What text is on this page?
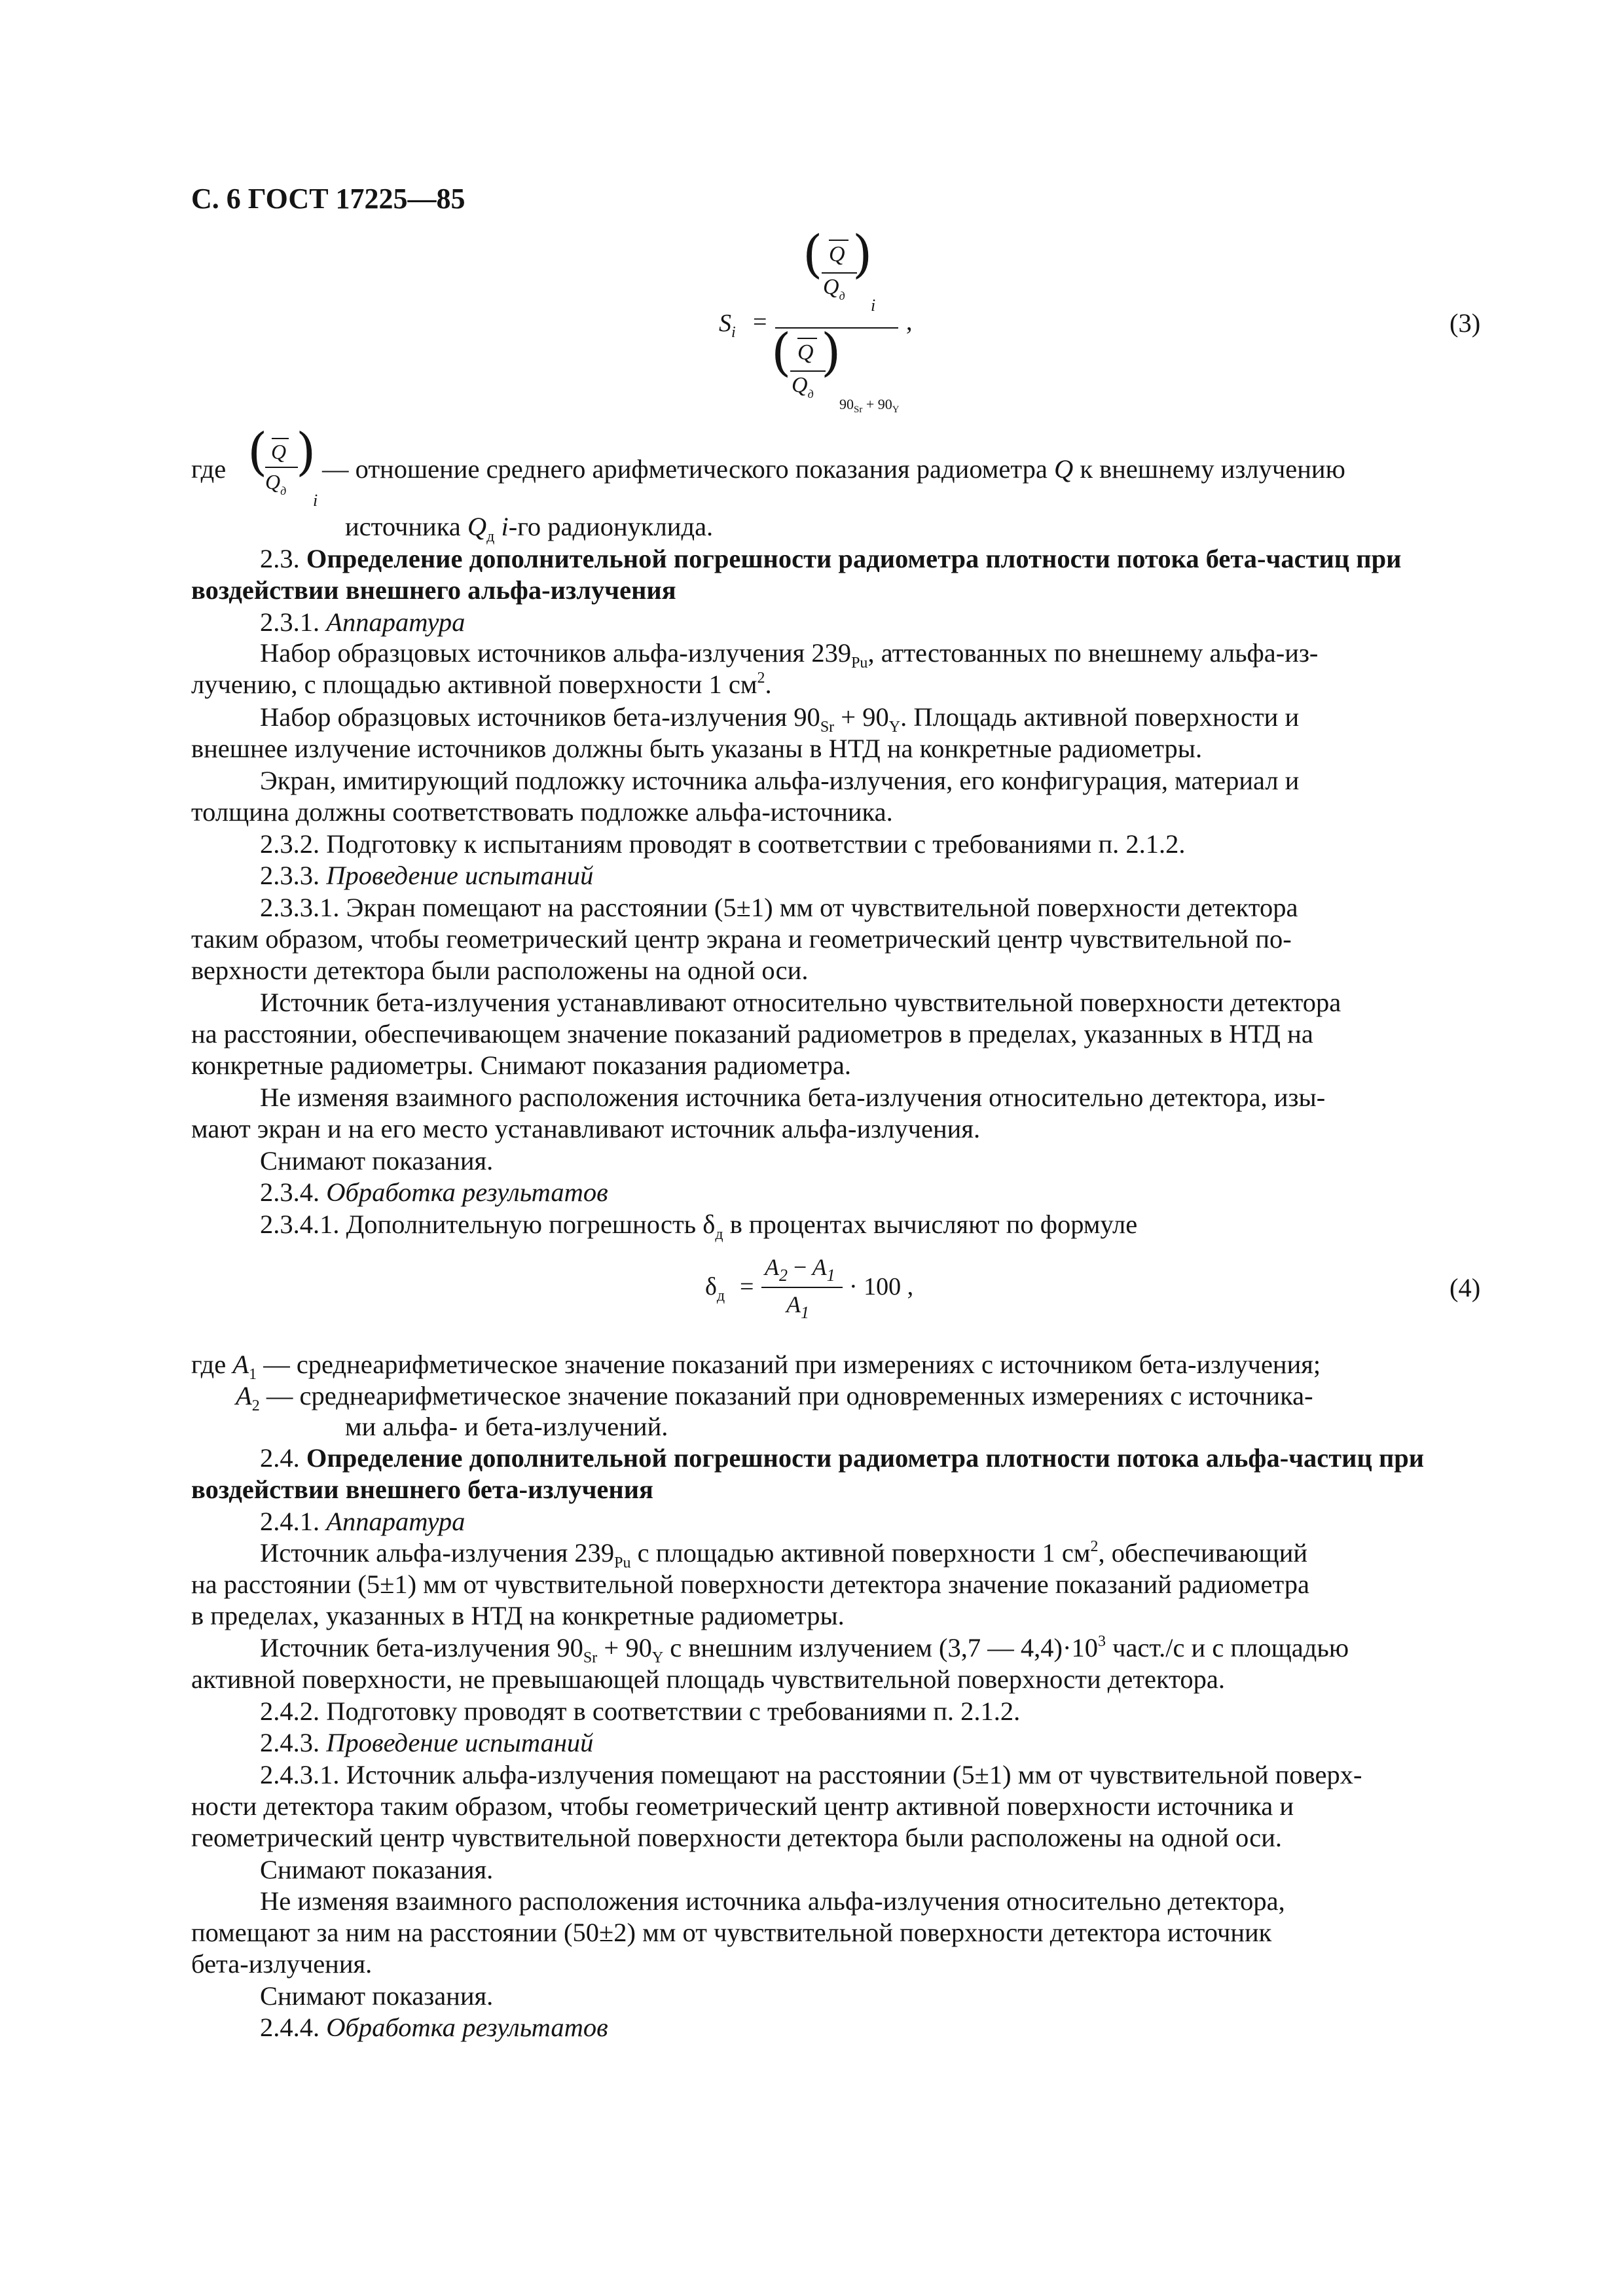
С. 6 ГОСТ 17225—85
$S_i$ =
( Q
$Q_д$
)
i
( Q
$Q_д$
)
$90_{Sr} + 90_Y$
,	(3)
где ( Q
$Q_д$
)
i
— отношение среднего арифметического показания радиометра Q к внешнему излучению
источника $Q_д$ i-го радионуклида.
2.3. Определение дополнительной погрешности радиометра плотности потока бета-частиц при
воздействии внешнего альфа-излучения
2.3.1. Аппаратура
Набор образцовых источников альфа-излучения $239_{Pu}$, аттестованных по внешнему альфа-из-
лучению, с площадью активной поверхности 1 $см^2$.
Набор образцовых источников бета-излучения $90_{Sr} + 90_Y$. Площадь активной поверхности и
внешнее излучение источников должны быть указаны в НТД на конкретные радиометры.
Экран, имитирующий подложку источника альфа-излучения, его конфигурация, материал и
толщина должны соответствовать подложке альфа-источника.
2.3.2. Подготовку к испытаниям проводят в соответствии с требованиями п. 2.1.2.
2.3.3. Проведение испытаний
2.3.3.1. Экран помещают на расстоянии (5±1) мм от чувствительной поверхности детектора
таким образом, чтобы геометрический центр экрана и геометрический центр чувствительной по-
верхности детектора были расположены на одной оси.
Источник бета-излучения устанавливают относительно чувствительной поверхности детектора
на расстоянии, обеспечивающем значение показаний радиометров в пределах, указанных в НТД на
конкретные радиометры. Снимают показания радиометра.
Не изменяя взаимного расположения источника бета-излучения относительно детектора, изы-
мают экран и на его место устанавливают источник альфа-излучения.
Снимают показания.
2.3.4. Обработка результатов
2.3.4.1. Дополнительную погрешность $\delta_д$ в процентах вычисляют по формуле
$\delta_д$ =
$A_2 - A_1$
$A_1$
· 100 ,	(4)
где $A_1$ — среднеарифметическое значение показаний при измерениях с источником бета-излучения;
$A_2$ — среднеарифметическое значение показаний при одновременных измерениях с источника-
ми альфа- и бета-излучений.
2.4. Определение дополнительной погрешности радиометра плотности потока альфа-частиц при
воздействии внешнего бета-излучения
2.4.1. Аппаратура
Источник альфа-излучения $239_{Pu}$ с площадью активной поверхности 1 $см^2$, обеспечивающий
на расстоянии (5±1) мм от чувствительной поверхности детектора значение показаний радиометра
в пределах, указанных в НТД на конкретные радиометры.
Источник бета-излучения $90_{Sr} + 90_Y$ с внешним излучением (3,7 — $4,4)\cdot 10^3$ част./с и с площадью
активной поверхности, не превышающей площадь чувствительной поверхности детектора.
2.4.2. Подготовку проводят в соответствии с требованиями п. 2.1.2.
2.4.3. Проведение испытаний
2.4.3.1. Источник альфа-излучения помещают на расстоянии (5±1) мм от чувствительной поверх-
ности детектора таким образом, чтобы геометрический центр активной поверхности источника и
геометрический центр чувствительной поверхности детектора были расположены на одной оси.
Снимают показания.
Не изменяя взаимного расположения источника альфа-излучения относительно детектора,
помещают за ним на расстоянии (50±2) мм от чувствительной поверхности детектора источник
бета-излучения.
Снимают показания.
2.4.4. Обработка результатов
